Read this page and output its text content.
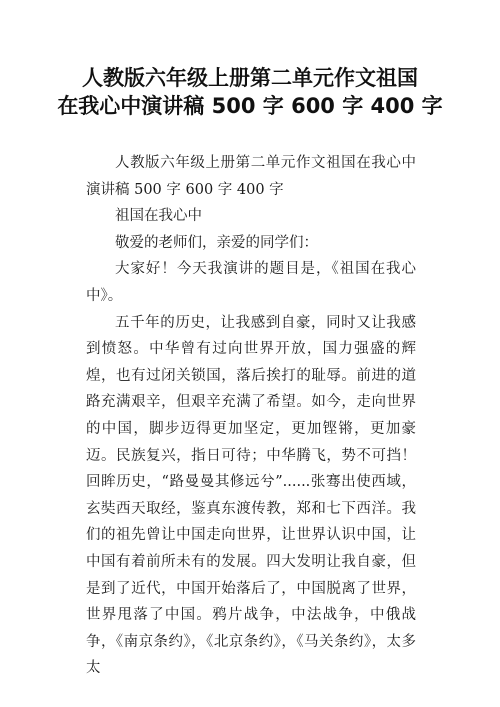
人教版六年级上册第二单元作文祖国
在我心中演讲稿 500 字 600 字 400 字

人教版六年级上册第二单元作文祖国在我心中演讲稿 500 字 600 字 400 字

祖国在我心中

敬爱的老师们，亲爱的同学们：

大家好！今天我演讲的题目是，《祖国在我心中》。

五千年的历史，让我感到自豪，同时又让我感到愤怒。中华曾有过向世界开放，国力强盛的辉煌，也有过闭关锁国，落后挨打的耻辱。前进的道路充满艰辛，但艰辛充满了希望。如今，走向世界的中国，脚步迈得更加坚定，更加铿锵，更加豪迈。民族复兴，指日可待；中华腾飞，势不可挡！回眸历史，“路曼曼其修远兮”......张骞出使西域，玄奘西天取经，鉴真东渡传教，郑和七下西洋。我们的祖先曾让中国走向世界，让世界认识中国，让中国有着前所未有的发展。四大发明让我自豪，但是到了近代，中国开始落后了，中国脱离了世界，世界甩落了中国。鸦片战争，中法战争，中俄战争，《南京条约》，《北京条约》，《马关条约》，太多太
